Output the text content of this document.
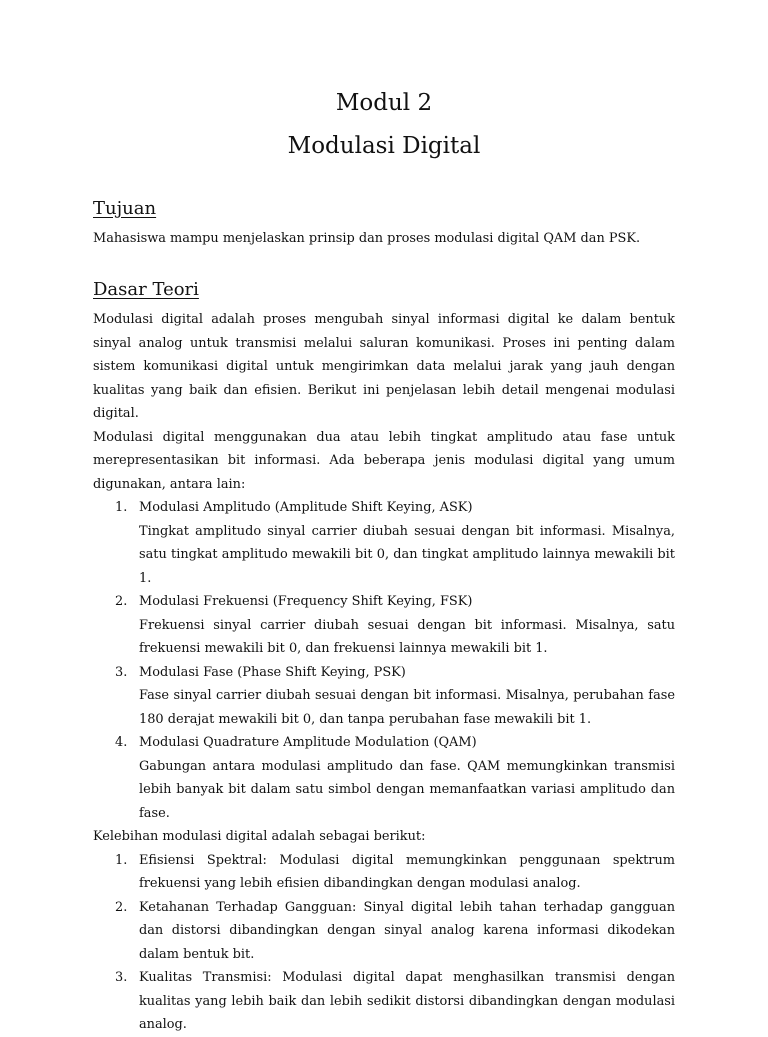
Modul 2
Modulasi Digital
Tujuan

Mahasiswa mampu menjelaskan prinsip dan proses modulasi digital QAM dan PSK.

Dasar Teori

Modulasi digital adalah proses mengubah sinyal informasi digital ke dalam bentuk sinyal analog untuk transmisi melalui saluran komunikasi. Proses ini penting dalam sistem komunikasi digital untuk mengirimkan data melalui jarak yang jauh dengan kualitas yang baik dan efisien. Berikut ini penjelasan lebih detail mengenai modulasi digital.

Modulasi digital menggunakan dua atau lebih tingkat amplitudo atau fase untuk merepresentasikan bit informasi. Ada beberapa jenis modulasi digital yang umum digunakan, antara lain:

1. Modulasi Amplitudo (Amplitude Shift Keying, ASK)
Tingkat amplitudo sinyal carrier diubah sesuai dengan bit informasi. Misalnya, satu tingkat amplitudo mewakili bit 0, dan tingkat amplitudo lainnya mewakili bit 1.
2. Modulasi Frekuensi (Frequency Shift Keying, FSK)
Frekuensi sinyal carrier diubah sesuai dengan bit informasi. Misalnya, satu frekuensi mewakili bit 0, dan frekuensi lainnya mewakili bit 1.
3. Modulasi Fase (Phase Shift Keying, PSK)
Fase sinyal carrier diubah sesuai dengan bit informasi. Misalnya, perubahan fase 180 derajat mewakili bit 0, dan tanpa perubahan fase mewakili bit 1.
4. Modulasi Quadrature Amplitude Modulation (QAM)
Gabungan antara modulasi amplitudo dan fase. QAM memungkinkan transmisi lebih banyak bit dalam satu simbol dengan memanfaatkan variasi amplitudo dan fase.

Kelebihan modulasi digital adalah sebagai berikut:

1. Efisiensi Spektral: Modulasi digital memungkinkan penggunaan spektrum frekuensi yang lebih efisien dibandingkan dengan modulasi analog.
2. Ketahanan Terhadap Gangguan: Sinyal digital lebih tahan terhadap gangguan dan distorsi dibandingkan dengan sinyal analog karena informasi dikodekan dalam bentuk bit.
3. Kualitas Transmisi: Modulasi digital dapat menghasilkan transmisi dengan kualitas yang lebih baik dan lebih sedikit distorsi dibandingkan dengan modulasi analog.
